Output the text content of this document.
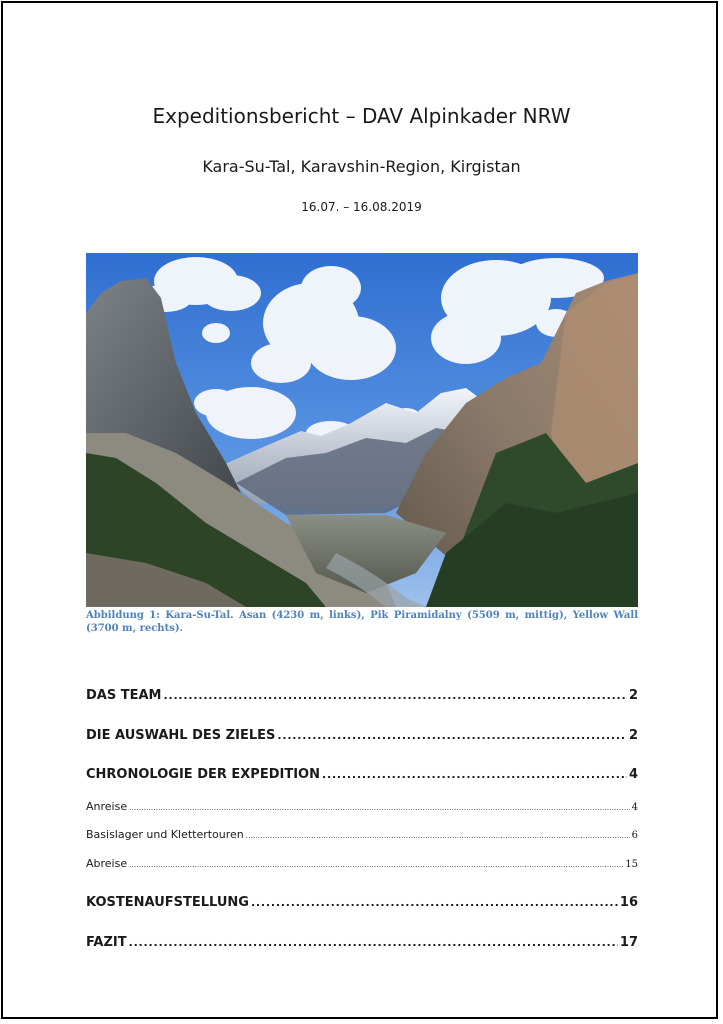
Expeditionsbericht – DAV Alpinkader NRW
Kara-Su-Tal, Karavshin-Region, Kirgistan
16.07. – 16.08.2019
Abbildung 1: Kara-Su-Tal. Asan (4230 m, links), Pik Piramidalny (5509 m, mittig), Yellow Wall (3700 m, rechts).
DAS TEAM .....	2
DIE AUSWAHL DES ZIELES .....	2
CHRONOLOGIE DER EXPEDITION .....	4
Anreise .....	4
Basislager und Klettertouren .....	6
Abreise .....	15
KOSTENAUFSTELLUNG .....	16
FAZIT .....	17
